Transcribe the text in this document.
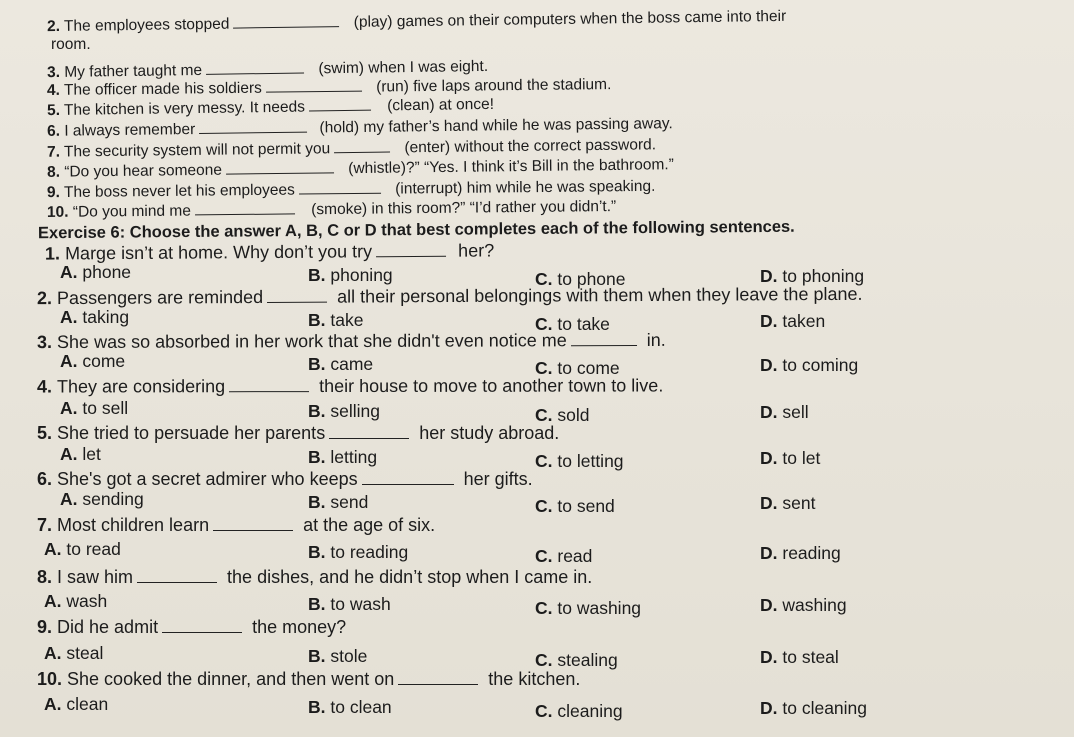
2. The employees stopped	(play) games on their computers when the boss came into their
room.
3. My father taught me	(swim) when I was eight.
4. The officer made his soldiers	(run) five laps around the stadium.
5. The kitchen is very messy. It needs	(clean) at once!
6. I always remember	(hold) my father’s hand while he was passing away.
7. The security system will not permit you	(enter) without the correct password.
8. “Do you hear someone	(whistle)?” “Yes. I think it’s Bill in the bathroom.”
9. The boss never let his employees	(interrupt) him while he was speaking.
10. “Do you mind me	(smoke) in this room?” “I’d rather you didn’t.”
Exercise 6: Choose the answer A, B, C or D that best completes each of the following sentences.
1. Marge isn’t at home. Why don’t you try	her?
A. phone	B. phoning	C. to phone	D. to phoning
2. Passengers are reminded	all their personal belongings with them when they leave the plane.
A. taking	B. take	C. to take	D. taken
3. She was so absorbed in her work that she didn't even notice me	in.
A. come	B. came	C. to come	D. to coming
4. They are considering	their house to move to another town to live.
A. to sell	B. selling	C. sold	D. sell
5. She tried to persuade her parents	her study abroad.
A. let	B. letting	C. to letting	D. to let
6. She's got a secret admirer who keeps	her gifts.
A. sending	B. send	C. to send	D. sent
7. Most children learn	at the age of six.
A. to read	B. to reading	C. read	D. reading
8. I saw him	the dishes, and he didn’t stop when I came in.
A. wash	B. to wash	C. to washing	D. washing
9. Did he admit	the money?
A. steal	B. stole	C. stealing	D. to steal
10. She cooked the dinner, and then went on	the kitchen.
A. clean	B. to clean	C. cleaning	D. to cleaning
